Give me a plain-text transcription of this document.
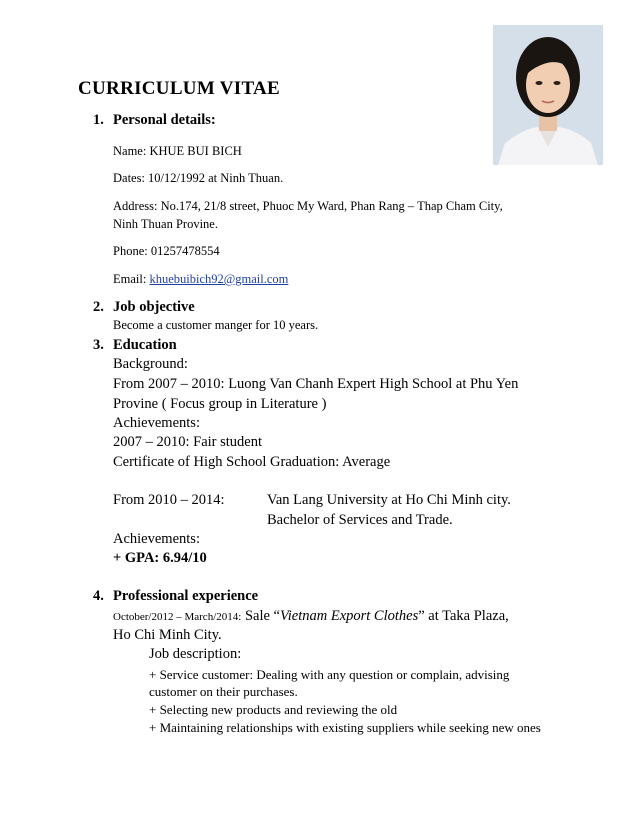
CURRICULUM VITAE
1. Personal details:
Name: KHUE BUI BICH
Dates: 10/12/1992 at Ninh Thuan.
Address: No.174, 21/8 street, Phuoc My Ward, Phan Rang – Thap Cham City,
Ninh Thuan Provine.
Phone: 01257478554
Email: khuebuibich92@gmail.com
2. Job objective
Become a customer manger for 10 years.
3. Education
Background:
From 2007 – 2010: Luong Van Chanh Expert High School at Phu Yen
Provine ( Focus group in Literature )
Achievements:
2007 – 2010: Fair student
Certificate of High School Graduation: Average
From 2010 – 2014:	Van Lang University at Ho Chi Minh city.
Bachelor of Services and Trade.
Achievements:
+ GPA: 6.94/10
4. Professional experience
October/2012 – March/2014: Sale “Vietnam Export Clothes” at Taka Plaza,
Ho Chi Minh City.
Job description:
+ Service customer: Dealing with any question or complain, advising
customer on their purchases.
+ Selecting new products and reviewing the old
+ Maintaining relationships with existing suppliers while seeking new ones
